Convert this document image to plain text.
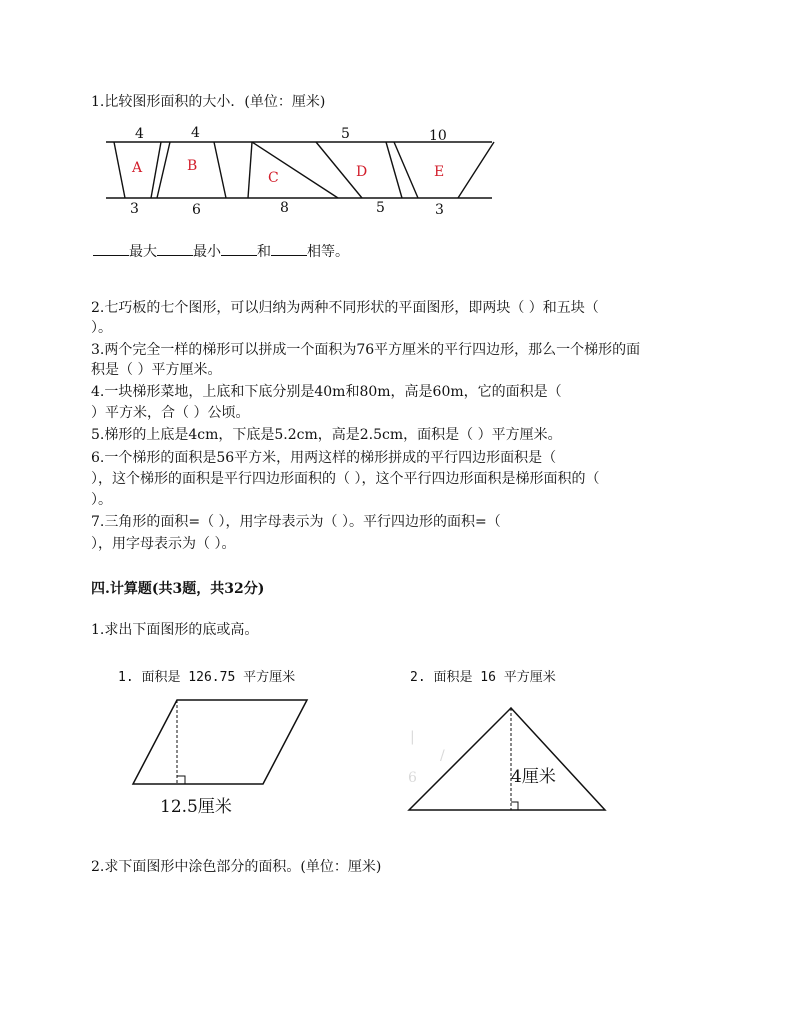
1.比较图形面积的大小．(单位：厘米)
4	4	5	10
3	6	8	5	3
A	B
C	D	E
最大	最小	和	相等。
2.七巧板的七个图形，可以归纳为两种不同形状的平面图形，即两块（ ）和五块（
）。
3.两个完全一样的梯形可以拼成一个面积为76平方厘米的平行四边形，那么一个梯形的面
积是（ ）平方厘米。
4.一块梯形菜地，上底和下底分别是40m和80m，高是60m，它的面积是（
）平方米，合（ ）公顷。
5.梯形的上底是4cm，下底是5.2cm，高是2.5cm，面积是（ ）平方厘米。
6.一个梯形的面积是56平方米，用两这样的梯形拼成的平行四边形面积是（
），这个梯形的面积是平行四边形面积的（ ），这个平行四边形面积是梯形面积的（
）。
7.三角形的面积=（ ），用字母表示为（ ）。平行四边形的面积=（
），用字母表示为（ ）。
四.计算题(共3题，共32分)
1.求出下面图形的底或高。
1. 面积是 126.75 平方厘米
12.5厘米
2. 面积是 16 平方厘米
|
6
/
4厘米
2.求下面图形中涂色部分的面积。(单位：厘米)
